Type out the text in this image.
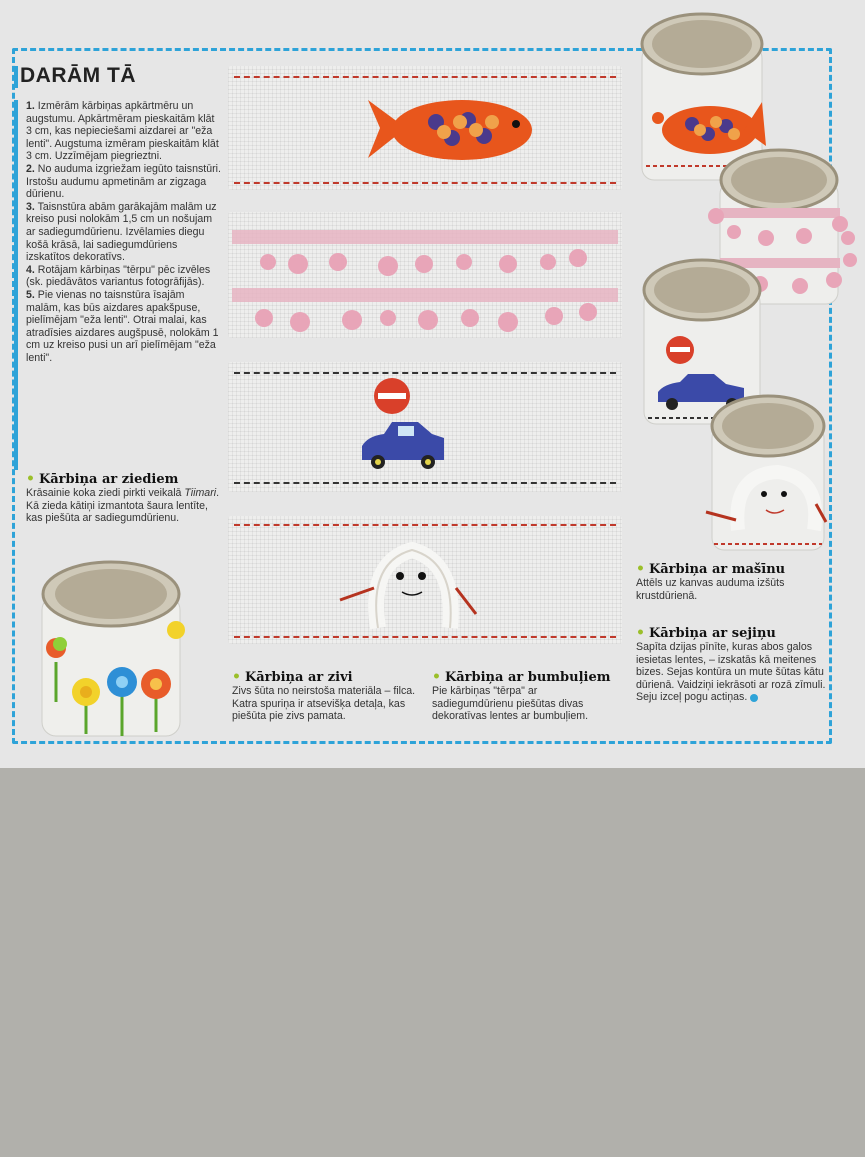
DARĀM TĀ

1. Izmērām kārbiņas apkārtmēru un augstumu. Apkārtmēram pieskaitām klāt 3 cm, kas nepieciešami aizdarei ar "eža lenti". Augstuma izmēram pieskaitām klāt 3 cm. Uzzīmējam piegrieztni.

2. No auduma izgriežam iegūto taisnstūri. Irstošu audumu apmetinām ar zigzaga dūrienu.

3. Taisnstūra abām garākajām malām uz kreiso pusi nolokām 1,5 cm un nošujam ar sadiegumdūrienu. Izvēlamies diegu košā krāsā, lai sadiegumdūriens izskatītos dekoratīvs.

4. Rotājam kārbiņas "tērpu" pēc izvēles (sk. piedāvātos variantus fotogrāfijās).

5. Pie vienas no taisnstūra īsajām malām, kas būs aizdares apakšpuse, pielīmējam "eža lenti". Otrai malai, kas atradīsies aizdares augšpusē, nolokām 1 cm uz kreiso pusi un arī pielīmējam "eža lenti".

• Kārbiņa ar ziediem

Krāsainie koka ziedi pirkti veikalā Tiimari. Kā zieda kātiņi izmantota šaura lentīte, kas piešūta ar sadiegumdūrienu.

• Kārbiņa ar zivi

Zivs šūta no neirstoša materiāla – filca. Katra spuriņa ir atsevišķa detaļa, kas piešūta pie zivs pamata.

• Kārbiņa ar bumbuļiem

Pie kārbiņas "tērpa" ar sadiegumdūrienu piešūtas divas dekoratīvas lentes ar bumbuļiem.

• Kārbiņa ar mašīnu

Attēls uz kanvas auduma izšūts krustdūrienā.

• Kārbiņa ar sejiņu

Sapīta dzijas pīnīte, kuras abos galos iesietas lentes, – izskatās kā meitenes bizes. Sejas kontūra un mute šūtas kātu dūrienā. Vaidziņi iekrāsoti ar rozā zīmuli. Seju izceļ pogu actiņas.
